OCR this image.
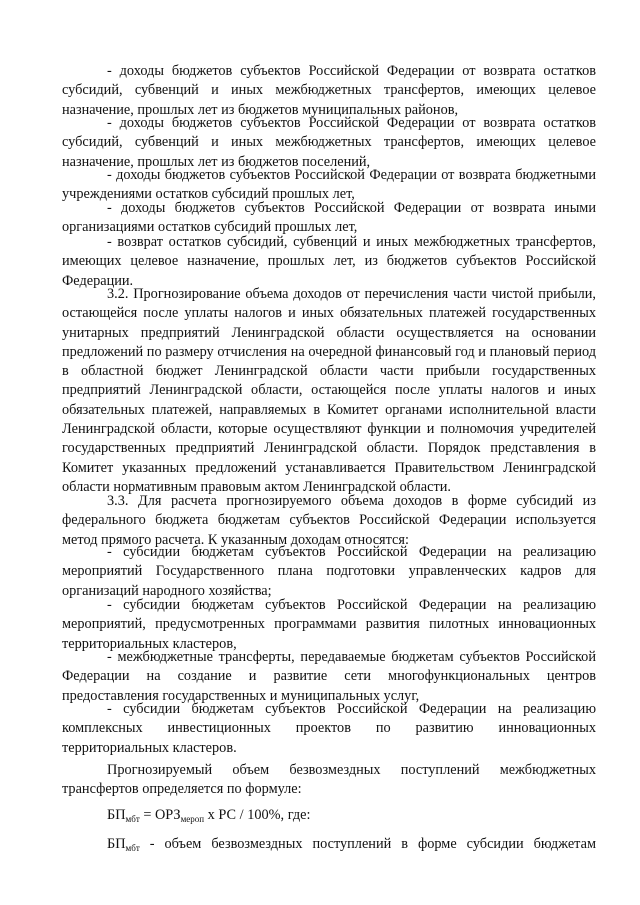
- доходы бюджетов субъектов Российской Федерации от возврата остатков субсидий, субвенций и иных межбюджетных трансфертов, имеющих целевое назначение, прошлых лет из бюджетов муниципальных районов,

- доходы бюджетов субъектов Российской Федерации от возврата остатков субсидий, субвенций и иных межбюджетных трансфертов, имеющих целевое назначение, прошлых лет из бюджетов поселений,

- доходы бюджетов субъектов Российской Федерации от возврата бюджетными учреждениями остатков субсидий прошлых лет,

- доходы бюджетов субъектов Российской Федерации от возврата иными организациями остатков субсидий прошлых лет,

- возврат остатков субсидий, субвенций и иных межбюджетных трансфертов, имеющих целевое назначение, прошлых лет, из бюджетов субъектов Российской Федерации.

3.2. Прогнозирование объема доходов от перечисления части чистой прибыли, остающейся после уплаты налогов и иных обязательных платежей государственных унитарных предприятий Ленинградской области осуществляется на основании предложений по размеру отчисления на очередной финансовый год и плановый период в областной бюджет Ленинградской области части прибыли государственных предприятий Ленинградской области, остающейся после уплаты налогов и иных обязательных платежей, направляемых в Комитет органами исполнительной власти Ленинградской области, которые осуществляют функции и полномочия учредителей государственных предприятий Ленинградской области. Порядок представления в Комитет указанных предложений устанавливается Правительством Ленинградской области нормативным правовым актом Ленинградской области.

3.3. Для расчета прогнозируемого объема доходов в форме субсидий из федерального бюджета бюджетам субъектов Российской Федерации используется метод прямого расчета. К указанным доходам относятся:

- субсидии бюджетам субъектов Российской Федерации на реализацию мероприятий Государственного плана подготовки управленческих кадров для организаций народного хозяйства;

- субсидии бюджетам субъектов Российской Федерации на реализацию мероприятий, предусмотренных программами развития пилотных инновационных территориальных кластеров,

- межбюджетные трансферты, передаваемые бюджетам субъектов Российской Федерации на создание и развитие сети многофункциональных центров предоставления государственных и муниципальных услуг,

- субсидии бюджетам субъектов Российской Федерации на реализацию комплексных инвестиционных проектов по развитию инновационных территориальных кластеров.

Прогнозируемый объем безвозмездных поступлений межбюджетных трансфертов определяется по формуле:

$БП_{мбт} = ОРЗ_{мероп}$ х РС / 100%, где:
$БП_{мбт}$ - объем безвозмездных поступлений в форме субсидии бюджетам
